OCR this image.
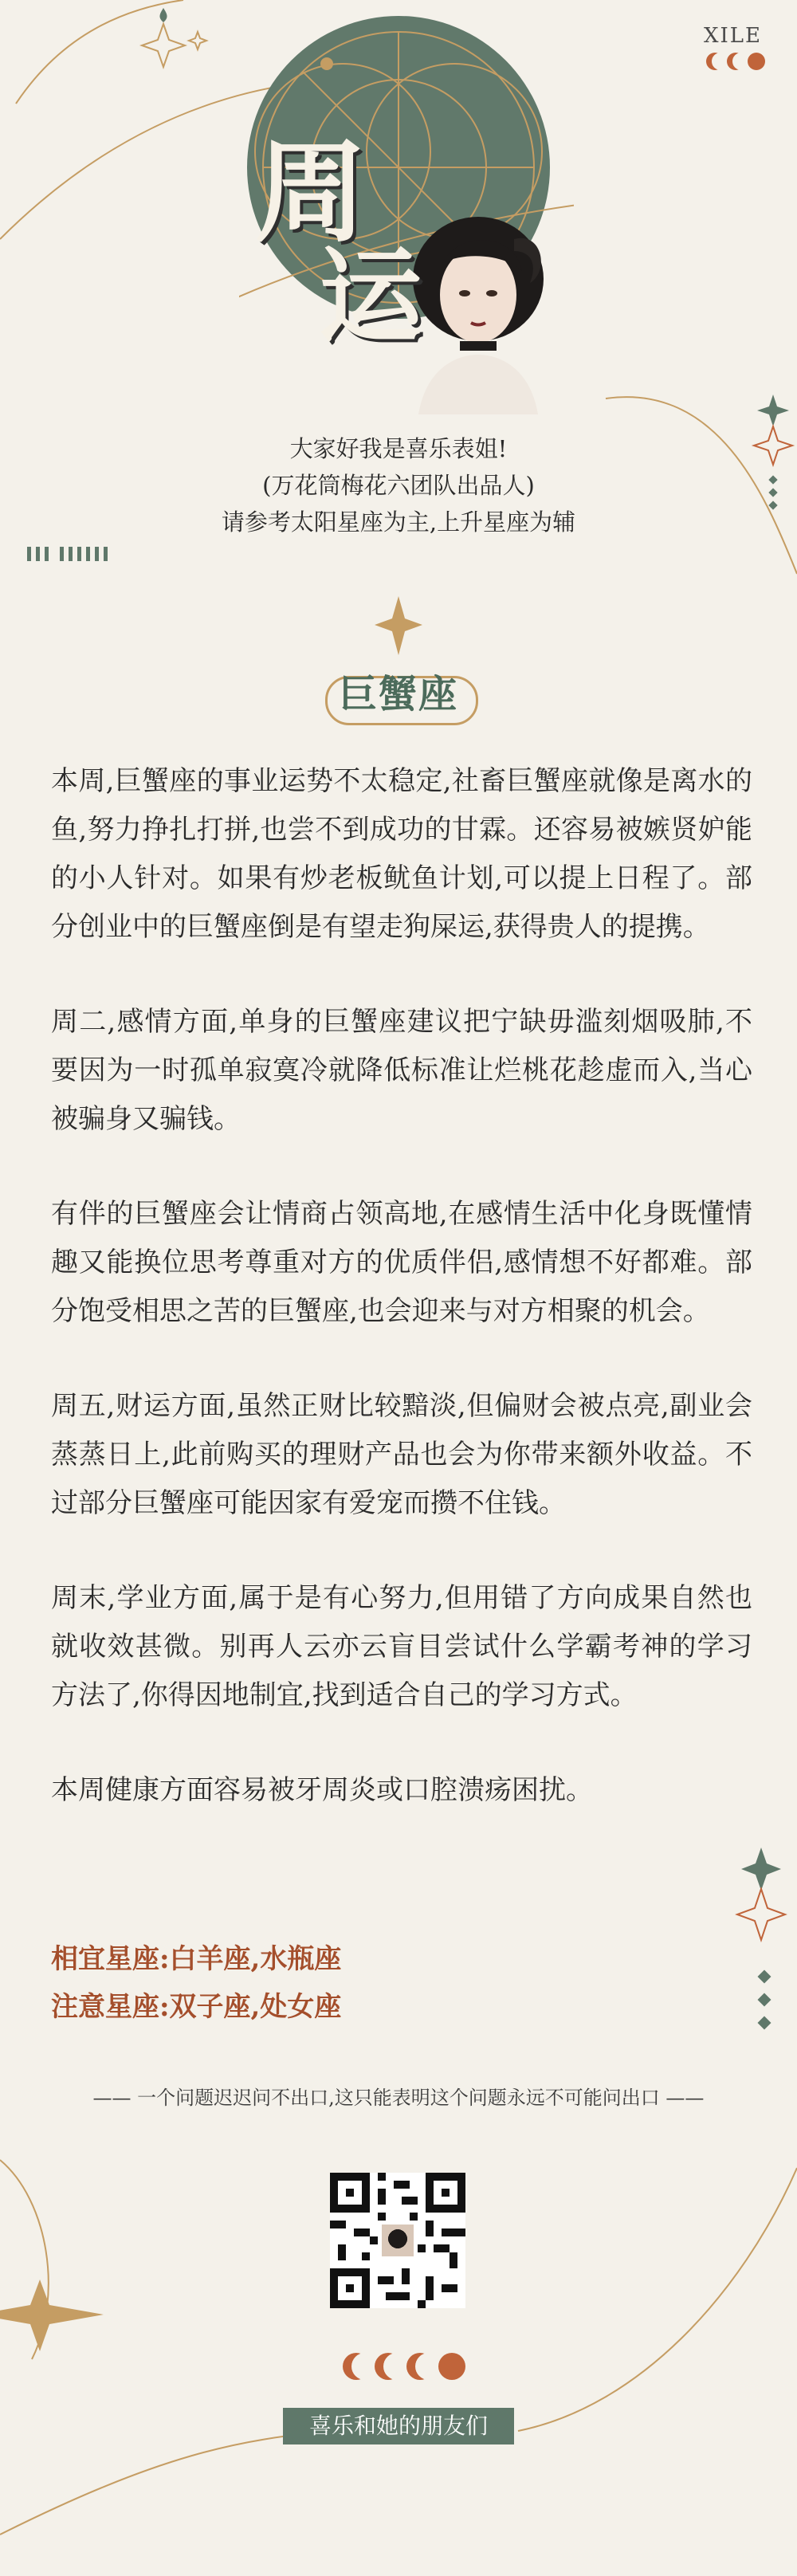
XILE
周
运
大家好我是喜乐表姐!
(万花筒梅花六团队出品人)
请参考太阳星座为主,上升星座为辅
巨蟹座

本周,巨蟹座的事业运势不太稳定,社畜巨蟹座就像是离水的鱼,努力挣扎打拼,也尝不到成功的甘霖。还容易被嫉贤妒能的小人针对。如果有炒老板鱿鱼计划,可以提上日程了。部分创业中的巨蟹座倒是有望走狗屎运,获得贵人的提携。

周二,感情方面,单身的巨蟹座建议把宁缺毋滥刻烟吸肺,不要因为一时孤单寂寞冷就降低标准让烂桃花趁虚而入,当心被骗身又骗钱。

有伴的巨蟹座会让情商占领高地,在感情生活中化身既懂情趣又能换位思考尊重对方的优质伴侣,感情想不好都难。部分饱受相思之苦的巨蟹座,也会迎来与对方相聚的机会。

周五,财运方面,虽然正财比较黯淡,但偏财会被点亮,副业会蒸蒸日上,此前购买的理财产品也会为你带来额外收益。不过部分巨蟹座可能因家有爱宠而攒不住钱。

周末,学业方面,属于是有心努力,但用错了方向成果自然也就收效甚微。别再人云亦云盲目尝试什么学霸考神的学习方法了,你得因地制宜,找到适合自己的学习方式。

本周健康方面容易被牙周炎或口腔溃疡困扰。

相宜星座:白羊座,水瓶座
注意星座:双子座,处女座
—— 一个问题迟迟问不出口,这只能表明这个问题永远不可能问出口 ——
喜乐和她的朋友们
